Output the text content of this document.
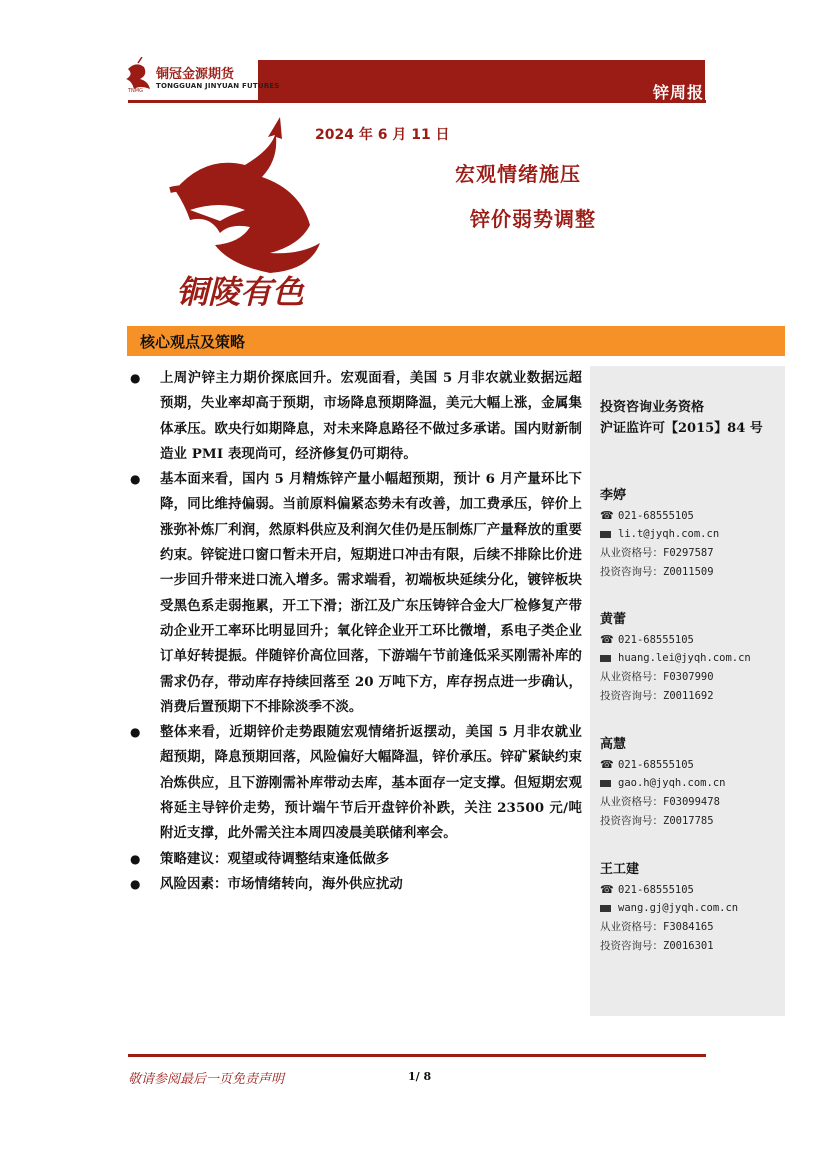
锌周报
铜冠金源期货
TONGGUAN JINYUAN FUTURES
TNMG
铜陵有色
2024 年 6 月 11 日
宏观情绪施压
锌价弱势调整
核心观点及策略
投资咨询业务资格
沪证监许可【2015】84 号
李婷
☎ 021-68555105
li.t@jyqh.com.cn
从业资格号：F0297587
投资咨询号：Z0011509
黄蕾
☎ 021-68555105
huang.lei@jyqh.com.cn
从业资格号：F0307990
投资咨询号：Z0011692
高慧
☎ 021-68555105
gao.h@jyqh.com.cn
从业资格号：F03099478
投资咨询号：Z0017785
王工建
☎ 021-68555105
wang.gj@jyqh.com.cn
从业资格号：F3084165
投资咨询号：Z0016301
● 上周沪锌主力期价探底回升。宏观面看，美国 5 月非农就业数据远超预期，失业率却高于预期，市场降息预期降温，美元大幅上涨，金属集体承压。欧央行如期降息，对未来降息路径不做过多承诺。国内财新制造业 PMI 表现尚可，经济修复仍可期待。
● 基本面来看，国内 5 月精炼锌产量小幅超预期，预计 6 月产量环比下降，同比维持偏弱。当前原料偏紧态势未有改善，加工费承压，锌价上涨弥补炼厂利润，然原料供应及利润欠佳仍是压制炼厂产量释放的重要约束。锌锭进口窗口暂未开启，短期进口冲击有限，后续不排除比价进一步回升带来进口流入增多。需求端看，初端板块延续分化，镀锌板块受黑色系走弱拖累，开工下滑；浙江及广东压铸锌合金大厂检修复产带动企业开工率环比明显回升；氧化锌企业开工环比微增，系电子类企业订单好转提振。伴随锌价高位回落，下游端午节前逢低采买刚需补库的需求仍存，带动库存持续回落至 20 万吨下方，库存拐点进一步确认，消费后置预期下不排除淡季不淡。
● 整体来看，近期锌价走势跟随宏观情绪折返摆动，美国 5 月非农就业超预期，降息预期回落，风险偏好大幅降温，锌价承压。锌矿紧缺约束冶炼供应，且下游刚需补库带动去库，基本面存一定支撑。但短期宏观将延主导锌价走势，预计端午节后开盘锌价补跌，关注 23500 元/吨附近支撑，此外需关注本周四凌晨美联储利率会。
● 策略建议：观望或待调整结束逢低做多
● 风险因素：市场情绪转向，海外供应扰动
敬请参阅最后一页免责声明	1/ 8
